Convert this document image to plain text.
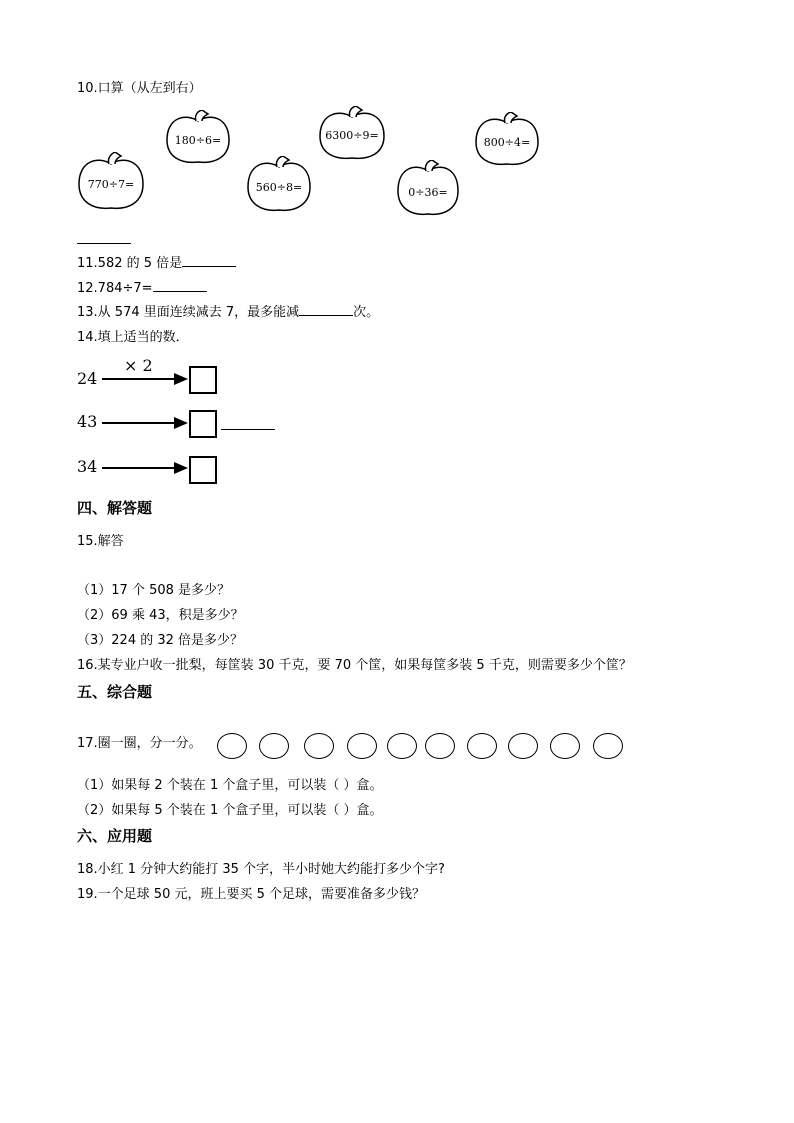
10.口算（从左到右）
770÷7=
180÷6=
560÷8=
6300÷9=
0÷36=
800÷4=
11.582 的 5 倍是
12.784÷7=
13.从 574 里面连续减去 7，最多能减	次。
14.填上适当的数．
× 2
24
43
34
四、解答题
15.解答
（1）17 个 508 是多少？
（2）69 乘 43，积是多少？
（3）224 的 32 倍是多少？
16.某专业户收一批梨，每筐装 30 千克，要 70 个筐，如果每筐多装 5 千克，则需要多少个筐？
五、综合题
17.圈一圈，分一分。
（1）如果每 2 个装在 1 个盒子里，可以装（ ）盒。
（2）如果每 5 个装在 1 个盒子里，可以装（ ）盒。
六、应用题
18.小红 1 分钟大约能打 35 个字，半小时她大约能打多少个字?
19.一个足球 50 元，班上要买 5 个足球，需要准备多少钱？
